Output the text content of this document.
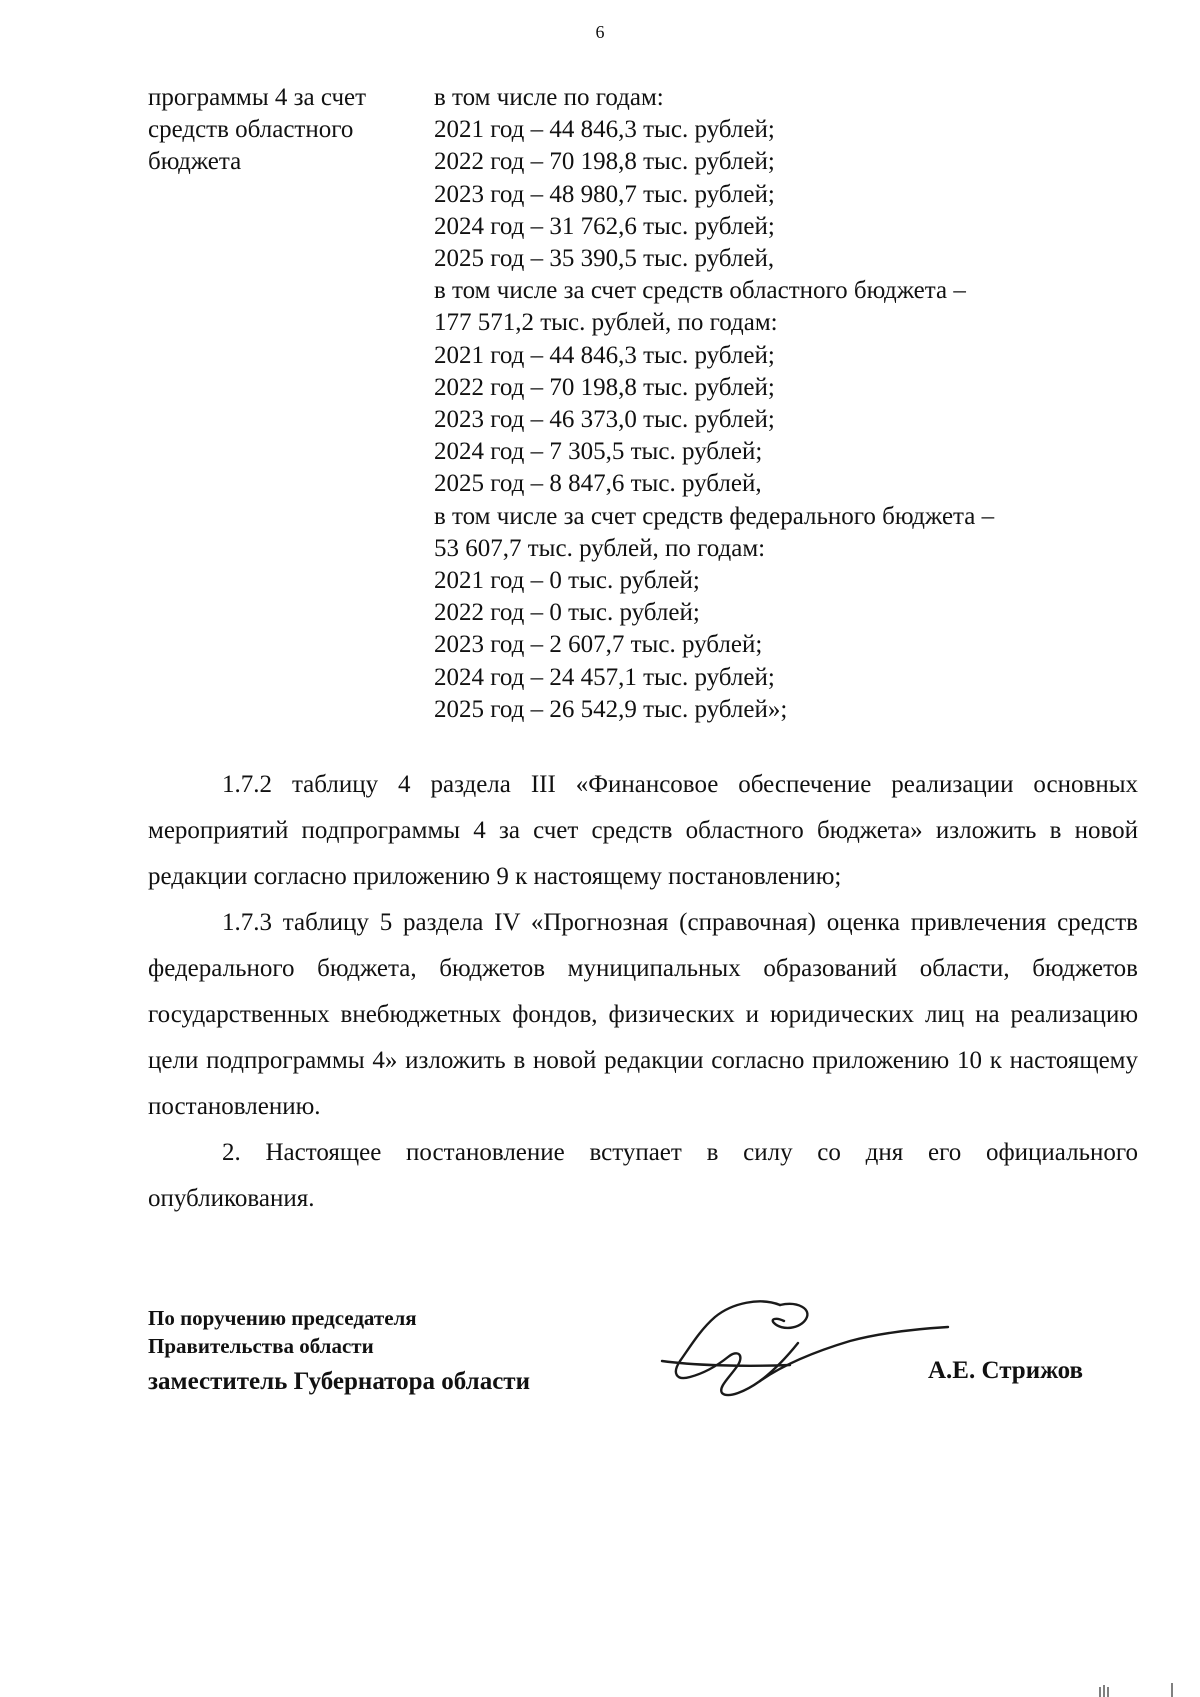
6
программы 4 за счет
средств областного
бюджета
в том числе по годам:
2021 год – 44 846,3 тыс. рублей;
2022 год – 70 198,8 тыс. рублей;
2023 год – 48 980,7 тыс. рублей;
2024 год – 31 762,6 тыс. рублей;
2025 год – 35 390,5 тыс. рублей,
в том числе за счет средств областного бюджета –
177 571,2 тыс. рублей, по годам:
2021 год – 44 846,3 тыс. рублей;
2022 год – 70 198,8 тыс. рублей;
2023 год – 46 373,0 тыс. рублей;
2024 год – 7 305,5 тыс. рублей;
2025 год – 8 847,6 тыс. рублей,
в том числе за счет средств федерального бюджета –
53 607,7 тыс. рублей, по годам:
2021 год – 0 тыс. рублей;
2022 год – 0 тыс. рублей;
2023 год – 2 607,7 тыс. рублей;
2024 год – 24 457,1 тыс. рублей;
2025 год – 26 542,9 тыс. рублей»;

1.7.2 таблицу 4 раздела III «Финансовое обеспечение реализации основных мероприятий подпрограммы 4 за счет средств областного бюджета» изложить в новой редакции согласно приложению 9 к настоящему постановлению;

1.7.3 таблицу 5 раздела IV «Прогнозная (справочная) оценка привлечения средств федерального бюджета, бюджетов муниципальных образований области, бюджетов государственных внебюджетных фондов, физических и юридических лиц на реализацию цели подпрограммы 4» изложить в новой редакции согласно приложению 10 к настоящему постановлению.

2. Настоящее постановление вступает в силу со дня его официального опубликования.

По поручению председателя
Правительства области
заместитель Губернатора области	А.Е. Стрижов
